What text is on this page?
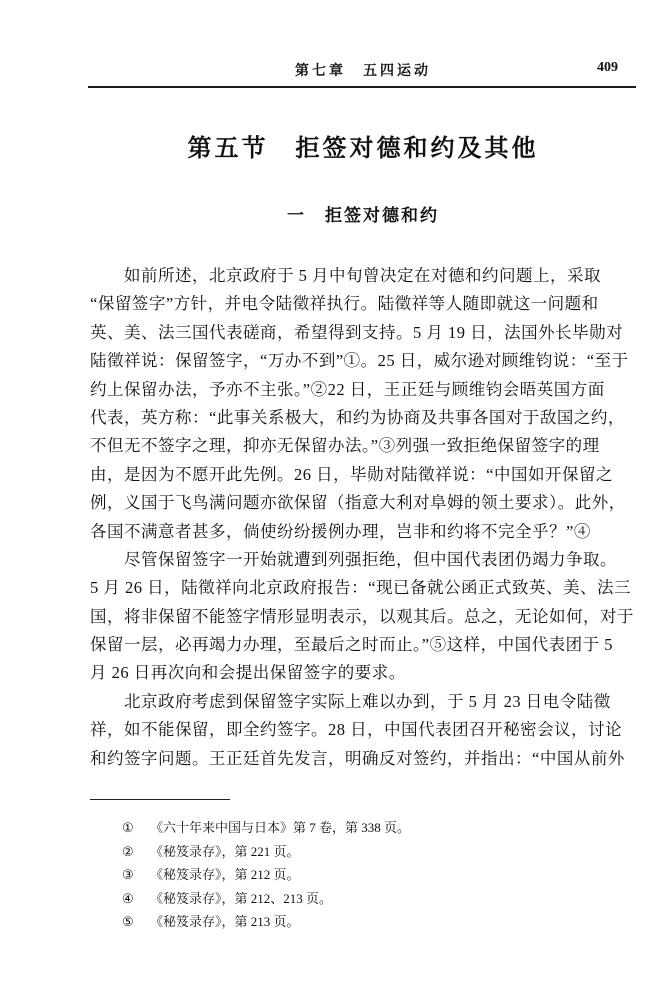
第七章　五四运动	409
第五节　拒签对德和约及其他
一　拒签对德和约
如前所述，北京政府于 5 月中旬曾决定在对德和约问题上，采取
“保留签字”方针，并电令陆徵祥执行。陆徵祥等人随即就这一问题和
英、美、法三国代表磋商，希望得到支持。5 月 19 日，法国外长毕勋对
陆徵祥说：保留签字，“万办不到”①。25 日，威尔逊对顾维钧说：“至于
约上保留办法，予亦不主张。”②22 日，王正廷与顾维钧会晤英国方面
代表，英方称：“此事关系极大，和约为协商及共事各国对于敌国之约，
不但无不签字之理，抑亦无保留办法。”③列强一致拒绝保留签字的理
由，是因为不愿开此先例。26 日，毕勋对陆徵祥说：“中国如开保留之
例，义国于飞鸟满问题亦欲保留（指意大利对阜姆的领土要求）。此外，
各国不满意者甚多，倘使纷纷援例办理，岂非和约将不完全乎？”④
尽管保留签字一开始就遭到列强拒绝，但中国代表团仍竭力争取。
5 月 26 日，陆徵祥向北京政府报告：“现已备就公函正式致英、美、法三
国，将非保留不能签字情形显明表示，以观其后。总之，无论如何，对于
保留一层，必再竭力办理，至最后之时而止。”⑤这样，中国代表团于 5
月 26 日再次向和会提出保留签字的要求。
北京政府考虑到保留签字实际上难以办到，于 5 月 23 日电令陆徵
祥，如不能保留，即全约签字。28 日，中国代表团召开秘密会议，讨论
和约签字问题。王正廷首先发言，明确反对签约，并指出：“中国从前外
①	《六十年来中国与日本》第 7 卷，第 338 页。
②	《秘笈录存》，第 221 页。
③	《秘笈录存》，第 212 页。
④	《秘笈录存》，第 212、213 页。
⑤	《秘笈录存》，第 213 页。
